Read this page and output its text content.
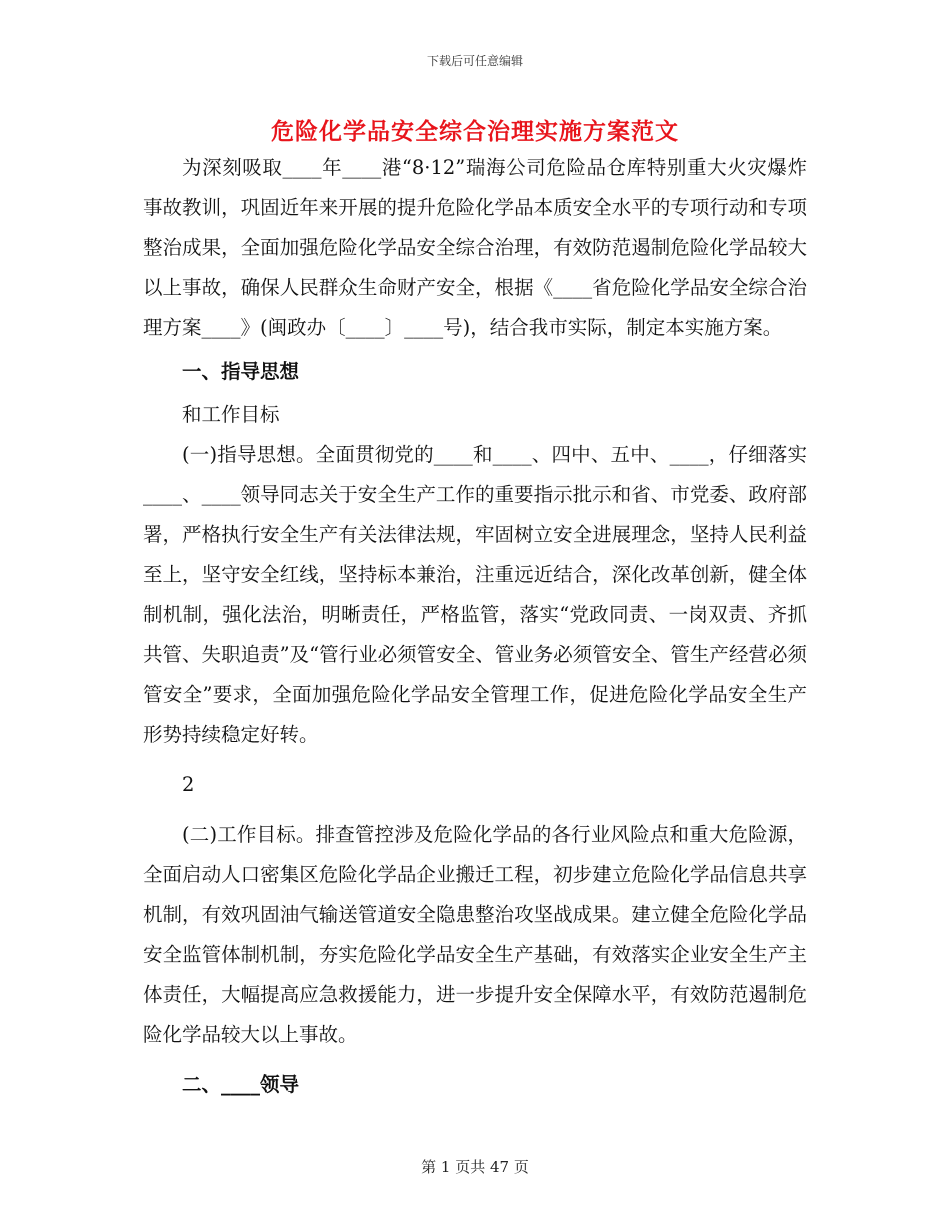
下载后可任意编辑
危险化学品安全综合治理实施方案范文

为深刻吸取____年____港“8·12”瑞海公司危险品仓库特别重大火灾爆炸事故教训，巩固近年来开展的提升危险化学品本质安全水平的专项行动和专项整治成果，全面加强危险化学品安全综合治理，有效防范遏制危险化学品较大以上事故，确保人民群众生命财产安全，根据《____省危险化学品安全综合治理方案____》(闽政办〔____〕____号)，结合我市实际，制定本实施方案。

一、指导思想

和工作目标

(一)指导思想。全面贯彻党的____和____、四中、五中、____，仔细落实____、____领导同志关于安全生产工作的重要指示批示和省、市党委、政府部署，严格执行安全生产有关法律法规，牢固树立安全进展理念，坚持人民利益至上，坚守安全红线，坚持标本兼治，注重远近结合，深化改革创新，健全体制机制，强化法治，明晰责任，严格监管，落实“党政同责、一岗双责、齐抓共管、失职追责”及“管行业必须管安全、管业务必须管安全、管生产经营必须管安全”要求，全面加强危险化学品安全管理工作，促进危险化学品安全生产形势持续稳定好转。

2

(二)工作目标。排查管控涉及危险化学品的各行业风险点和重大危险源，全面启动人口密集区危险化学品企业搬迁工程，初步建立危险化学品信息共享机制，有效巩固油气输送管道安全隐患整治攻坚战成果。建立健全危险化学品安全监管体制机制，夯实危险化学品安全生产基础，有效落实企业安全生产主体责任，大幅提高应急救援能力，进一步提升安全保障水平，有效防范遏制危险化学品较大以上事故。

二、____领导

第 1 页共 47 页
